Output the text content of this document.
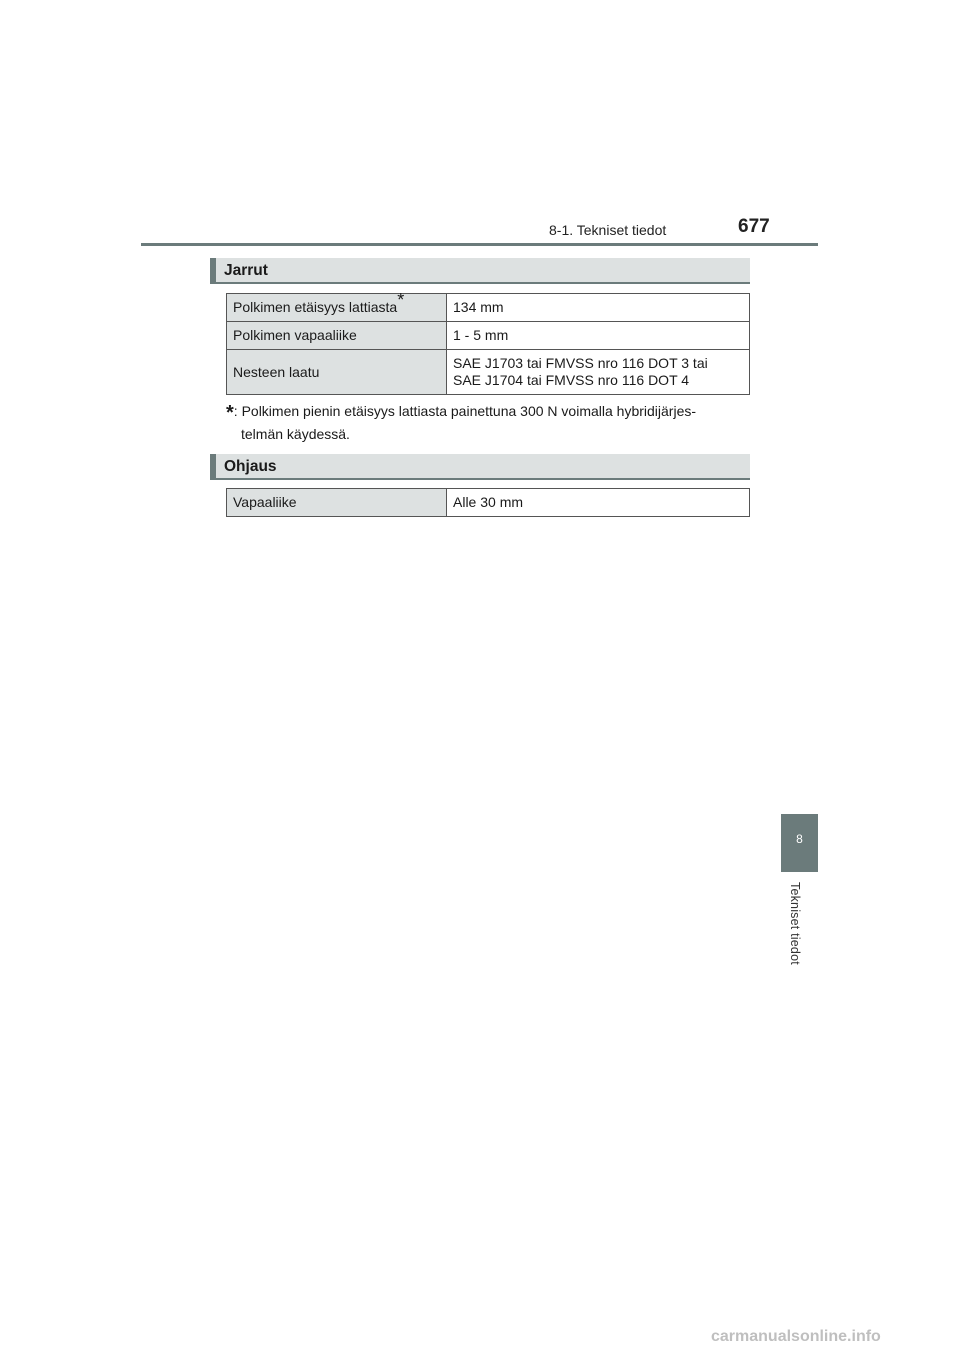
8-1. Tekniset tiedot	677
Jarrut
Polkimen etäisyys lattiasta*	134 mm
Polkimen vapaaliike	1 - 5 mm
Nesteen laatu	SAE J1703 tai FMVSS nro 116 DOT 3 tai
SAE J1704 tai FMVSS nro 116 DOT 4
*: Polkimen pienin etäisyys lattiasta painettuna 300 N voimalla hybridijärjes-
telmän käydessä.
Ohjaus
Vapaaliike	Alle 30 mm
8
Tekniset tiedot
carmanualsonline.info
